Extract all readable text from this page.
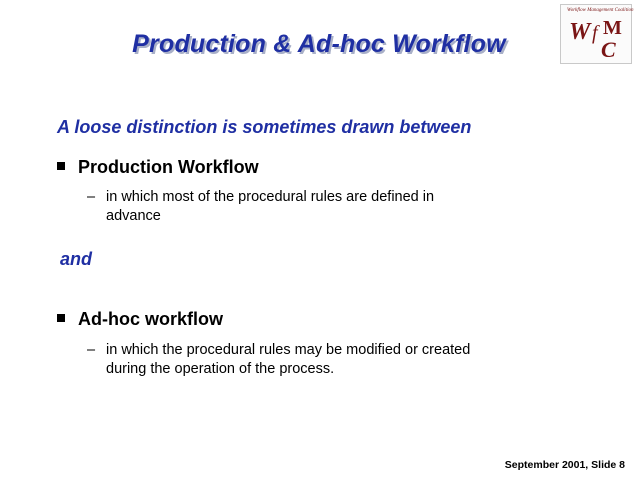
Production & Ad-hoc Workflow
Workflow Management Coalition
W f M
C
A loose distinction is sometimes drawn between
Production Workflow
– in which most of the procedural rules are defined in
advance
and
Ad-hoc workflow
– in which the procedural rules may be modified or created
during the operation of the process.
September 2001, Slide 8
